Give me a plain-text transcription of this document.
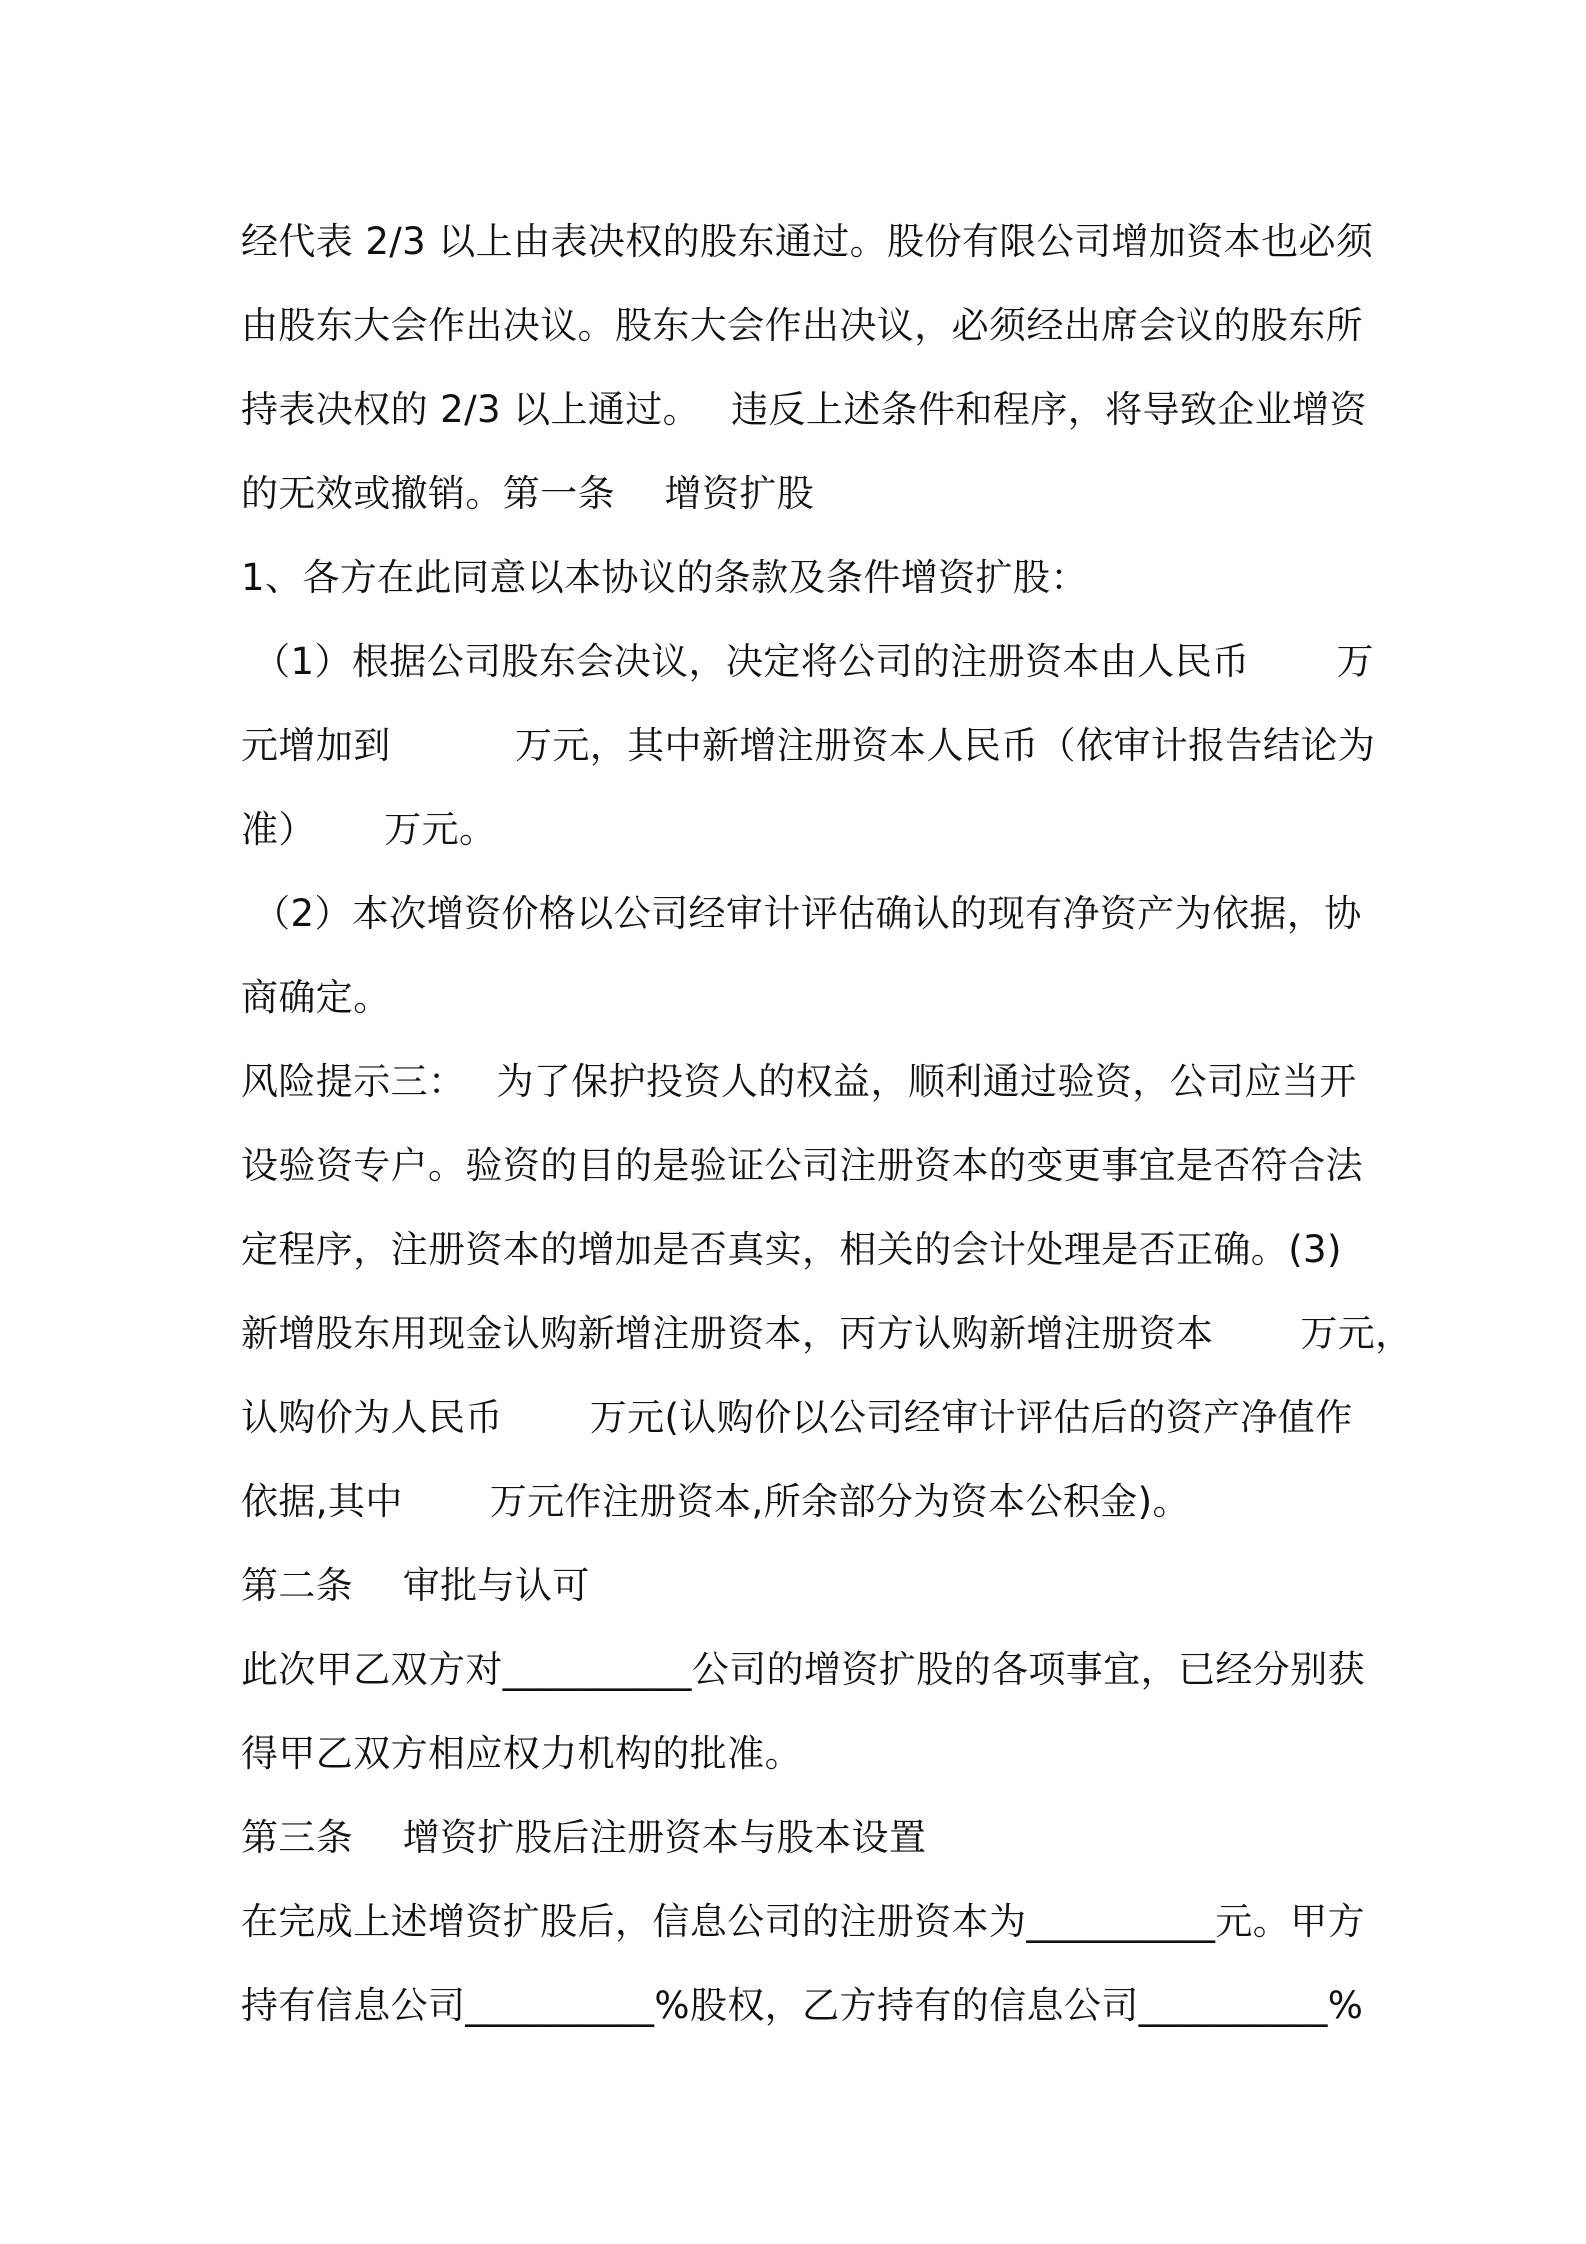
经代表 2/3 以上由表决权的股东通过。股份有限公司增加资本也必须
由股东大会作出决议。股东大会作出决议，必须经出席会议的股东所
持表决权的 2/3 以上通过。　 违反上述条件和程序，将导致企业增资
的无效或撤销。第一条　 增资扩股
1、各方在此同意以本协议的条款及条件增资扩股：
（1）根据公司股东会决议，决定将公司的注册资本由人民币　　 万
元增加到　　　 万元，其中新增注册资本人民币（依审计报告结论为
准）　　 万元。
（2）本次增资价格以公司经审计评估确认的现有净资产为依据，协
商确定。
风险提示三：　 为了保护投资人的权益，顺利通过验资，公司应当开
设验资专户。验资的目的是验证公司注册资本的变更事宜是否符合法
定程序，注册资本的增加是否真实，相关的会计处理是否正确。(3)
新增股东用现金认购新增注册资本，丙方认购新增注册资本　　 万元，
认购价为人民币　　 万元(认购价以公司经审计评估后的资产净值作
依据,其中　　 万元作注册资本,所余部分为资本公积金)。
第二条　 审批与认可
此次甲乙双方对__________公司的增资扩股的各项事宜，已经分别获
得甲乙双方相应权力机构的批准。
第三条　 增资扩股后注册资本与股本设置
在完成上述增资扩股后，信息公司的注册资本为__________元。甲方
持有信息公司__________%股权，乙方持有的信息公司__________%
